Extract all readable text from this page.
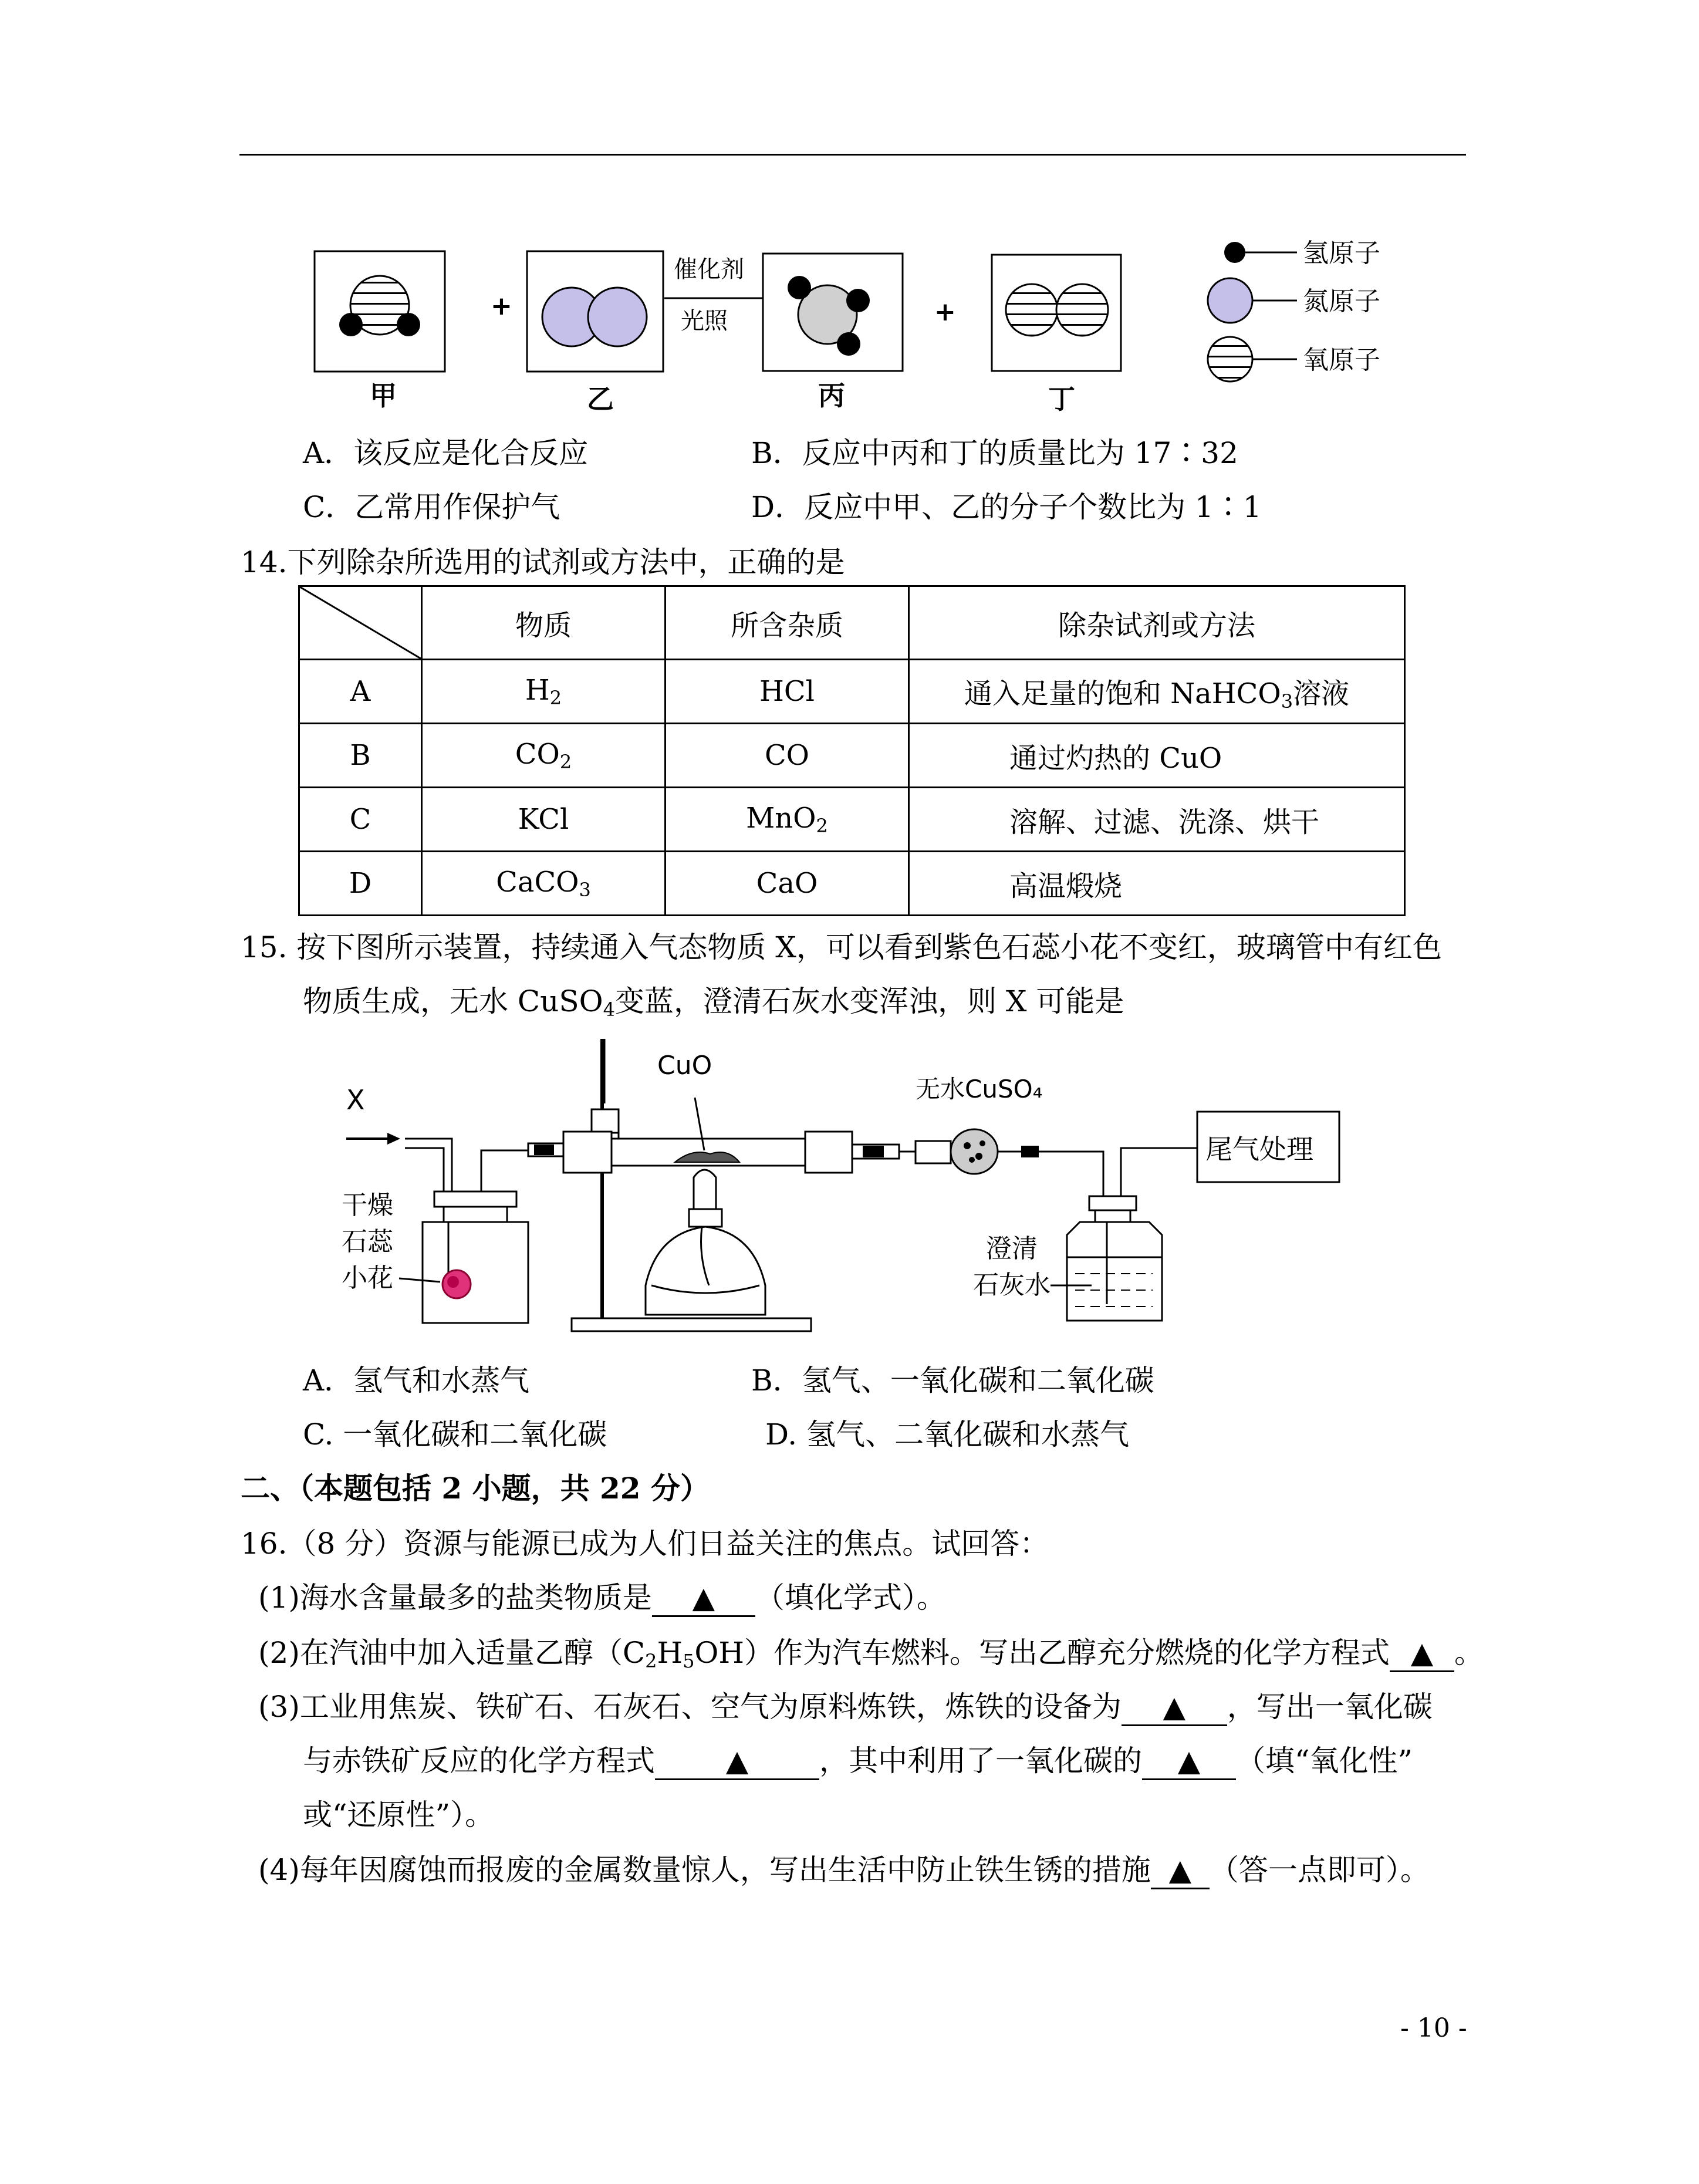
+
催化剂
光照	+
甲	乙	丙	丁
氢原子
氮原子
氧原子
A．该反应是化合反应	B．反应中丙和丁的质量比为 17∶32
C．乙常用作保护气	D．反应中甲、乙的分子个数比为 1∶1
14.下列除杂所选用的试剂或方法中，正确的是
	物质	所含杂质	除杂试剂或方法
A	$H_2$	HCl	通入足量的饱和 NaHCO$_3$溶液
B	$CO_2$	CO	通过灼热的 CuO
C	KCl	MnO$_2$	溶解、过滤、洗涤、烘干
D	CaCO$_3$	CaO	高温煅烧
15. 按下图所示装置，持续通入气态物质 X，可以看到紫色石蕊小花不变红，玻璃管中有红色
物质生成，无水 CuSO$_4$变蓝，澄清石灰水变浑浊，则 X 可能是
X
干燥
石蕊
小花
CuO
无水CuSO₄
澄清
石灰水
尾气处理
A．氢气和水蒸气	B．氢气、一氧化碳和二氧化碳
C. 一氧化碳和二氧化碳	D. 氢气、二氧化碳和水蒸气
二、（本题包括 2 小题，共 22 分）
16.（8 分）资源与能源已成为人们日益关注的焦点。试回答：
(1)海水含量最多的盐类物质是 ▲ （填化学式）。
(2)在汽油中加入适量乙醇$(C_2H_5OH)$作为汽车燃料。写出乙醇充分燃烧的化学方程式 ▲ 。
(3)工业用焦炭、铁矿石、石灰石、空气为原料炼铁，炼铁的设备为 ▲ ，写出一氧化碳
与赤铁矿反应的化学方程式 ▲ ，其中利用了一氧化碳的 ▲ （填“氧化性”
或“还原性”）。
(4)每年因腐蚀而报废的金属数量惊人，写出生活中防止铁生锈的措施 ▲ （答一点即可）。
- 10 -
